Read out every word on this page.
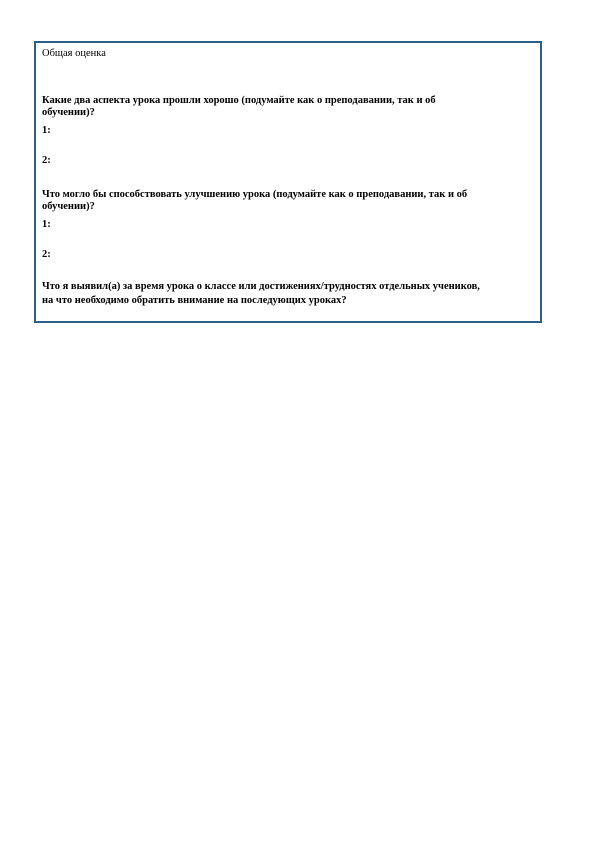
Общая оценка
Какие два аспекта урока прошли хорошо (подумайте как о преподавании, так и об
обучении)?
1:
2:
Что могло бы способствовать улучшению урока (подумайте как о преподавании, так и об
обучении)?
1:
2:
Что я выявил(а) за время урока о классе или достижениях/трудностях отдельных учеников,
на что необходимо обратить внимание на последующих уроках?
